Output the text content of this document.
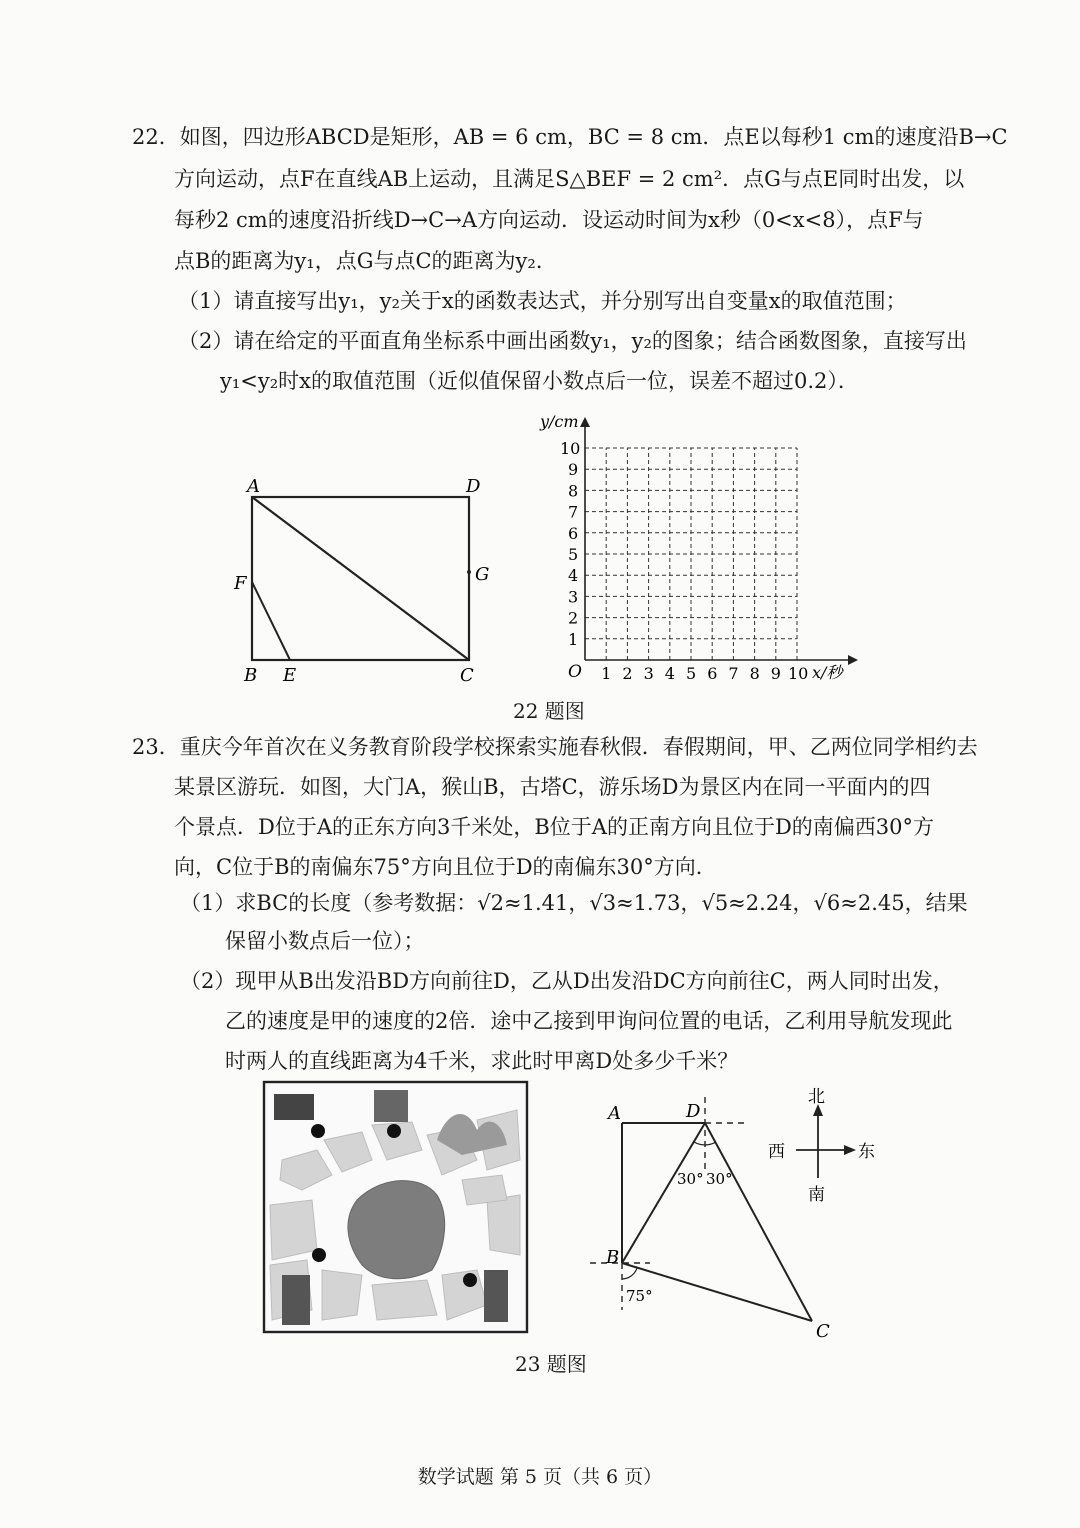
22．如图，四边形ABCD是矩形，AB = 6 cm，BC = 8 cm．点E以每秒1 cm的速度沿B→C
方向运动，点F在直线AB上运动，且满足S△BEF = 2 cm²．点G与点E同时出发，以
每秒2 cm的速度沿折线D→C→A方向运动．设运动时间为x秒（0<x<8），点F与
点B的距离为y₁，点G与点C的距离为y₂．
（1）请直接写出y₁，y₂关于x的函数表达式，并分别写出自变量x的取值范围；
（2）请在给定的平面直角坐标系中画出函数y₁，y₂的图象；结合函数图象，直接写出
y₁<y₂时x的取值范围（近似值保留小数点后一位，误差不超过0.2）．
A	D
F	G
B E	C
y/cm
x/秒
O 1 2 3 4 5 6 7 8 9 10
1
2
3
4
5
6
7
8
9
10
22 题图
23．重庆今年首次在义务教育阶段学校探索实施春秋假．春假期间，甲、乙两位同学相约去
某景区游玩．如图，大门A，猴山B，古塔C，游乐场D为景区内在同一平面内的四
个景点．D位于A的正东方向3千米处，B位于A的正南方向且位于D的南偏西30°方
向，C位于B的南偏东75°方向且位于D的南偏东30°方向．
（1）求BC的长度（参考数据：√2≈1.41，√3≈1.73，√5≈2.24，√6≈2.45，结果
保留小数点后一位）；
（2）现甲从B出发沿BD方向前往D，乙从D出发沿DC方向前往C，两人同时出发，
乙的速度是甲的速度的2倍．途中乙接到甲询问位置的电话，乙利用导航发现此
时两人的直线距离为4千米，求此时甲离D处多少千米？
A	D
B
C
30° 30°
75°
北
南
东
西
23 题图
数学试题 第 5 页（共 6 页）
